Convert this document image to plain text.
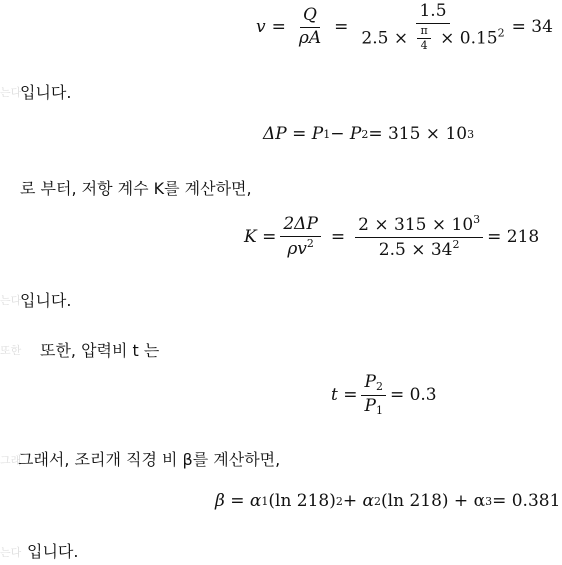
$v = \frac{Q}{\rho A}$ =
1.5
$2.5 \times \frac{\pi}{4} \times 0.15^2 = 34$
는다
입니다.
ΔP = P 1 − P 2 = 315 × 10 3
로 부터, 저항 계수 K를 계산하면,
$K = \frac{2\Delta P}{\rho v^2} = \frac{2 \times 315 \times 10^3}{2.5 \times 34^2} = 218$
는다
입니다.
또한 또한, 압력비 t 는
$t = \frac{P_2}{P_1} = 0.3$
그래
그래서, 조리개 직경 비 β를 계산하면,
β = α 1 (ln 218) 2 + α 2 (ln 218) + α 3 = 0.381
는다 입니다.
